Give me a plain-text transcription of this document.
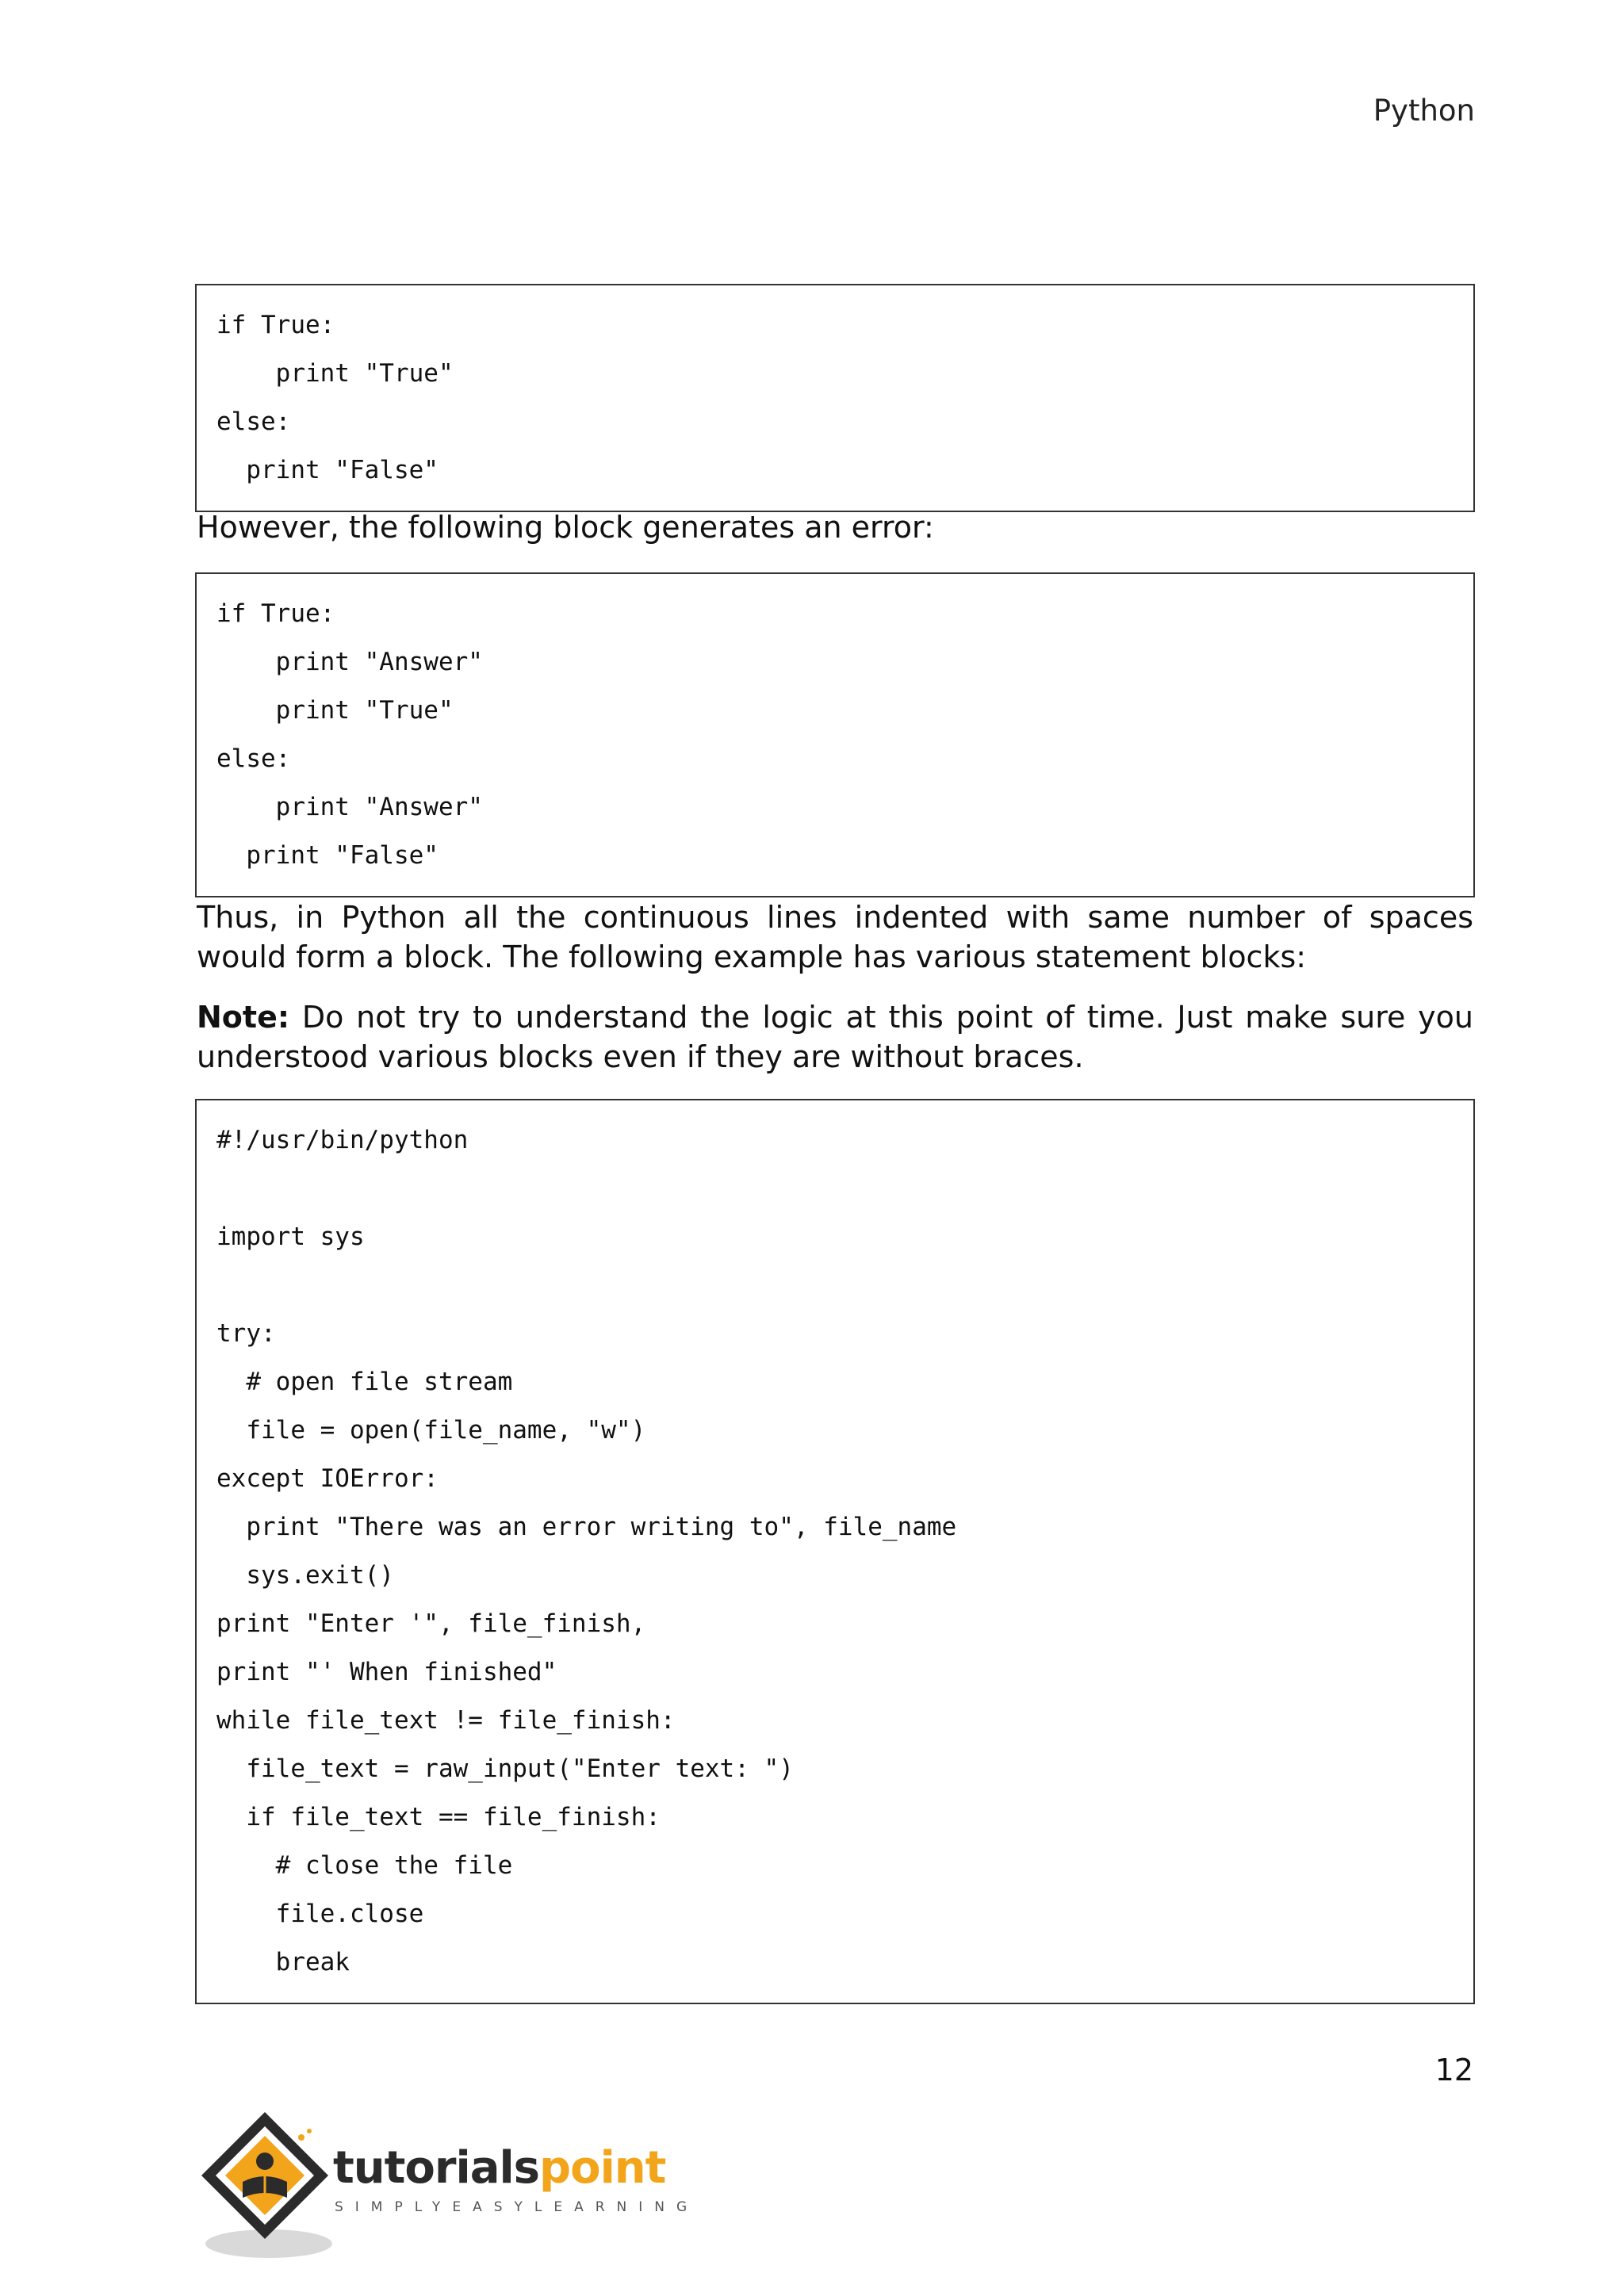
Python
if True:
print "True"
else:
print "False"

However, the following block generates an error:

if True:
print "Answer"
print "True"
else:
print "Answer"
print "False"

Thus, in Python all the continuous lines indented with same number of spaces would form a block. The following example has various statement blocks:

Note: Do not try to understand the logic at this point of time. Just make sure you understood various blocks even if they are without braces.

#!/usr/bin/python
import sys
try:
# open file stream
file = open(file_name, "w")
except IOError:
print "There was an error writing to", file_name
sys.exit()
print "Enter '", file_finish,
print "' When finished"
while file_text != file_finish:
file_text = raw_input("Enter text: ")
if file_text == file_finish:
# close the file
file.close
break
12
tutorialspoint
SIMPLYEASYLEARNING
